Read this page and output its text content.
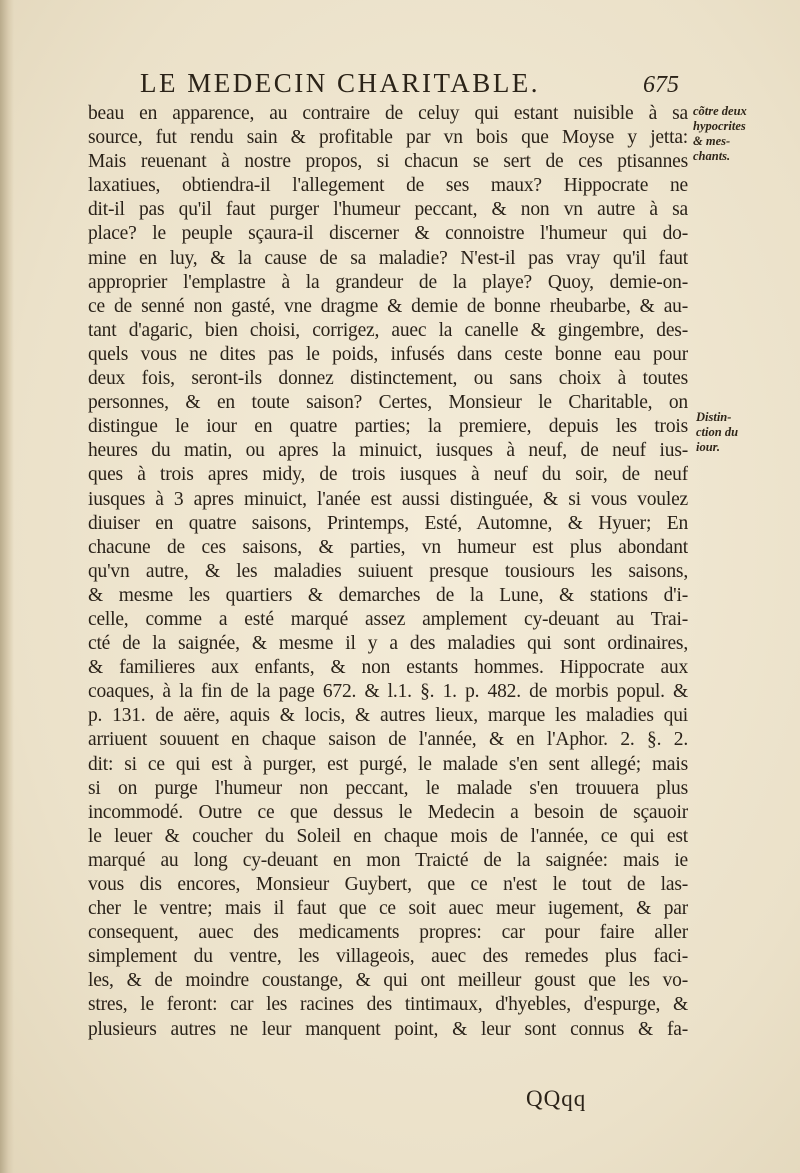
LE MEDECIN CHARITABLE.	675
beau en apparence, au contraire de celuy qui estant nuisible à sa
source, fut rendu sain & profitable par vn bois que Moyse y jetta:
Mais reuenant à nostre propos, si chacun se sert de ces ptisannes
laxatiues, obtiendra-il l'allegement de ses maux? Hippocrate ne
dit-il pas qu'il faut purger l'humeur peccant, & non vn autre à sa
place? le peuple sçaura-il discerner & connoistre l'humeur qui do-
mine en luy, & la cause de sa maladie? N'est-il pas vray qu'il faut
approprier l'emplastre à la grandeur de la playe? Quoy, demie-on-
ce de senné non gasté, vne dragme & demie de bonne rheubarbe, & au-
tant d'agaric, bien choisi, corrigez, auec la canelle & gingembre, des-
quels vous ne dites pas le poids, infusés dans ceste bonne eau pour
deux fois, seront-ils donnez distinctement, ou sans choix à toutes
personnes, & en toute saison? Certes, Monsieur le Charitable, on
distingue le iour en quatre parties; la premiere, depuis les trois
heures du matin, ou apres la minuict, iusques à neuf, de neuf ius-
ques à trois apres midy, de trois iusques à neuf du soir, de neuf
iusques à 3 apres minuict, l'anée est aussi distinguée, & si vous voulez
diuiser en quatre saisons, Printemps, Esté, Automne, & Hyuer; En
chacune de ces saisons, & parties, vn humeur est plus abondant
qu'vn autre, & les maladies suiuent presque tousiours les saisons,
& mesme les quartiers & demarches de la Lune, & stations d'i-
celle, comme a esté marqué assez amplement cy-deuant au Trai-
cté de la saignée, & mesme il y a des maladies qui sont ordinaires,
& familieres aux enfants, & non estants hommes. Hippocrate aux
coaques, à la fin de la page 672. & l.1. §. 1. p. 482. de morbis popul. &
p. 131. de aëre, aquis & locis, & autres lieux, marque les maladies qui
arriuent souuent en chaque saison de l'année, & en l'Aphor. 2. §. 2.
dit: si ce qui est à purger, est purgé, le malade s'en sent allegé; mais
si on purge l'humeur non peccant, le malade s'en trouuera plus
incommodé. Outre ce que dessus le Medecin a besoin de sçauoir
le leuer & coucher du Soleil en chaque mois de l'année, ce qui est
marqué au long cy-deuant en mon Traicté de la saignée: mais ie
vous dis encores, Monsieur Guybert, que ce n'est le tout de las-
cher le ventre; mais il faut que ce soit auec meur iugement, & par
consequent, auec des medicaments propres: car pour faire aller
simplement du ventre, les villageois, auec des remedes plus faci-
les, & de moindre coustange, & qui ont meilleur goust que les vo-
stres, le feront: car les racines des tintimaux, d'hyebles, d'espurge, &
plusieurs autres ne leur manquent point, & leur sont connus & fa-
cõtre deux
hypocrites
& mes-
chants.
Distin-
ction du
iour.
QQqq
